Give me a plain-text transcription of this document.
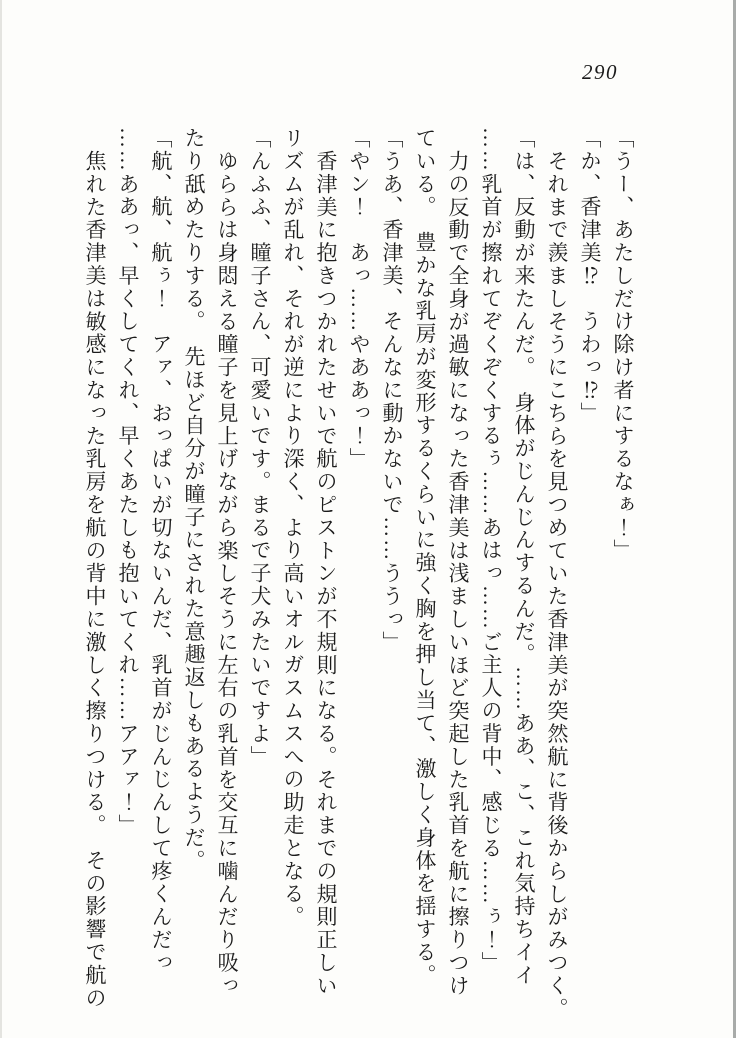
290
「うー、あたしだけ除け者にするなぁ！」
「か、香津美⁉　うわっ⁉」
それまで羨ましそうにこちらを見つめていた香津美が突然航に背後からしがみつく。
「は、反動が来たんだ。　身体がじんじんするんだ。……ああ、こ、これ気持ちイイ
……乳首が擦れてぞくぞくするぅ……あはっ……ご主人の背中、感じる……ぅ！」
力の反動で全身が過敏になった香津美は浅ましいほど突起した乳首を航に擦りつけ
ている。　豊かな乳房が変形するくらいに強く胸を押し当て、激しく身体を揺する。
「うあ、香津美、そんなに動かないで……ううっ」
「やン！　あっ……やああっ！」
香津美に抱きつかれたせいで航のピストンが不規則になる。それまでの規則正しい
リズムが乱れ、それが逆により深く、より高いオルガスムスへの助走となる。
「んふふ、瞳子さん、可愛いです。まるで子犬みたいですよ」
ゆららは身悶える瞳子を見上げながら楽しそうに左右の乳首を交互に噛んだり吸っ
たり舐めたりする。　先ほど自分が瞳子にされた意趣返しもあるようだ。
「航、航、航ぅ！　アァ、おっぱいが切ないんだ、乳首がじんじんして疼くんだっ
……ああっ、早くしてくれ、早くあたしも抱いてくれ……アアァ！」
焦れた香津美は敏感になった乳房を航の背中に激しく擦りつける。　その影響で航の
